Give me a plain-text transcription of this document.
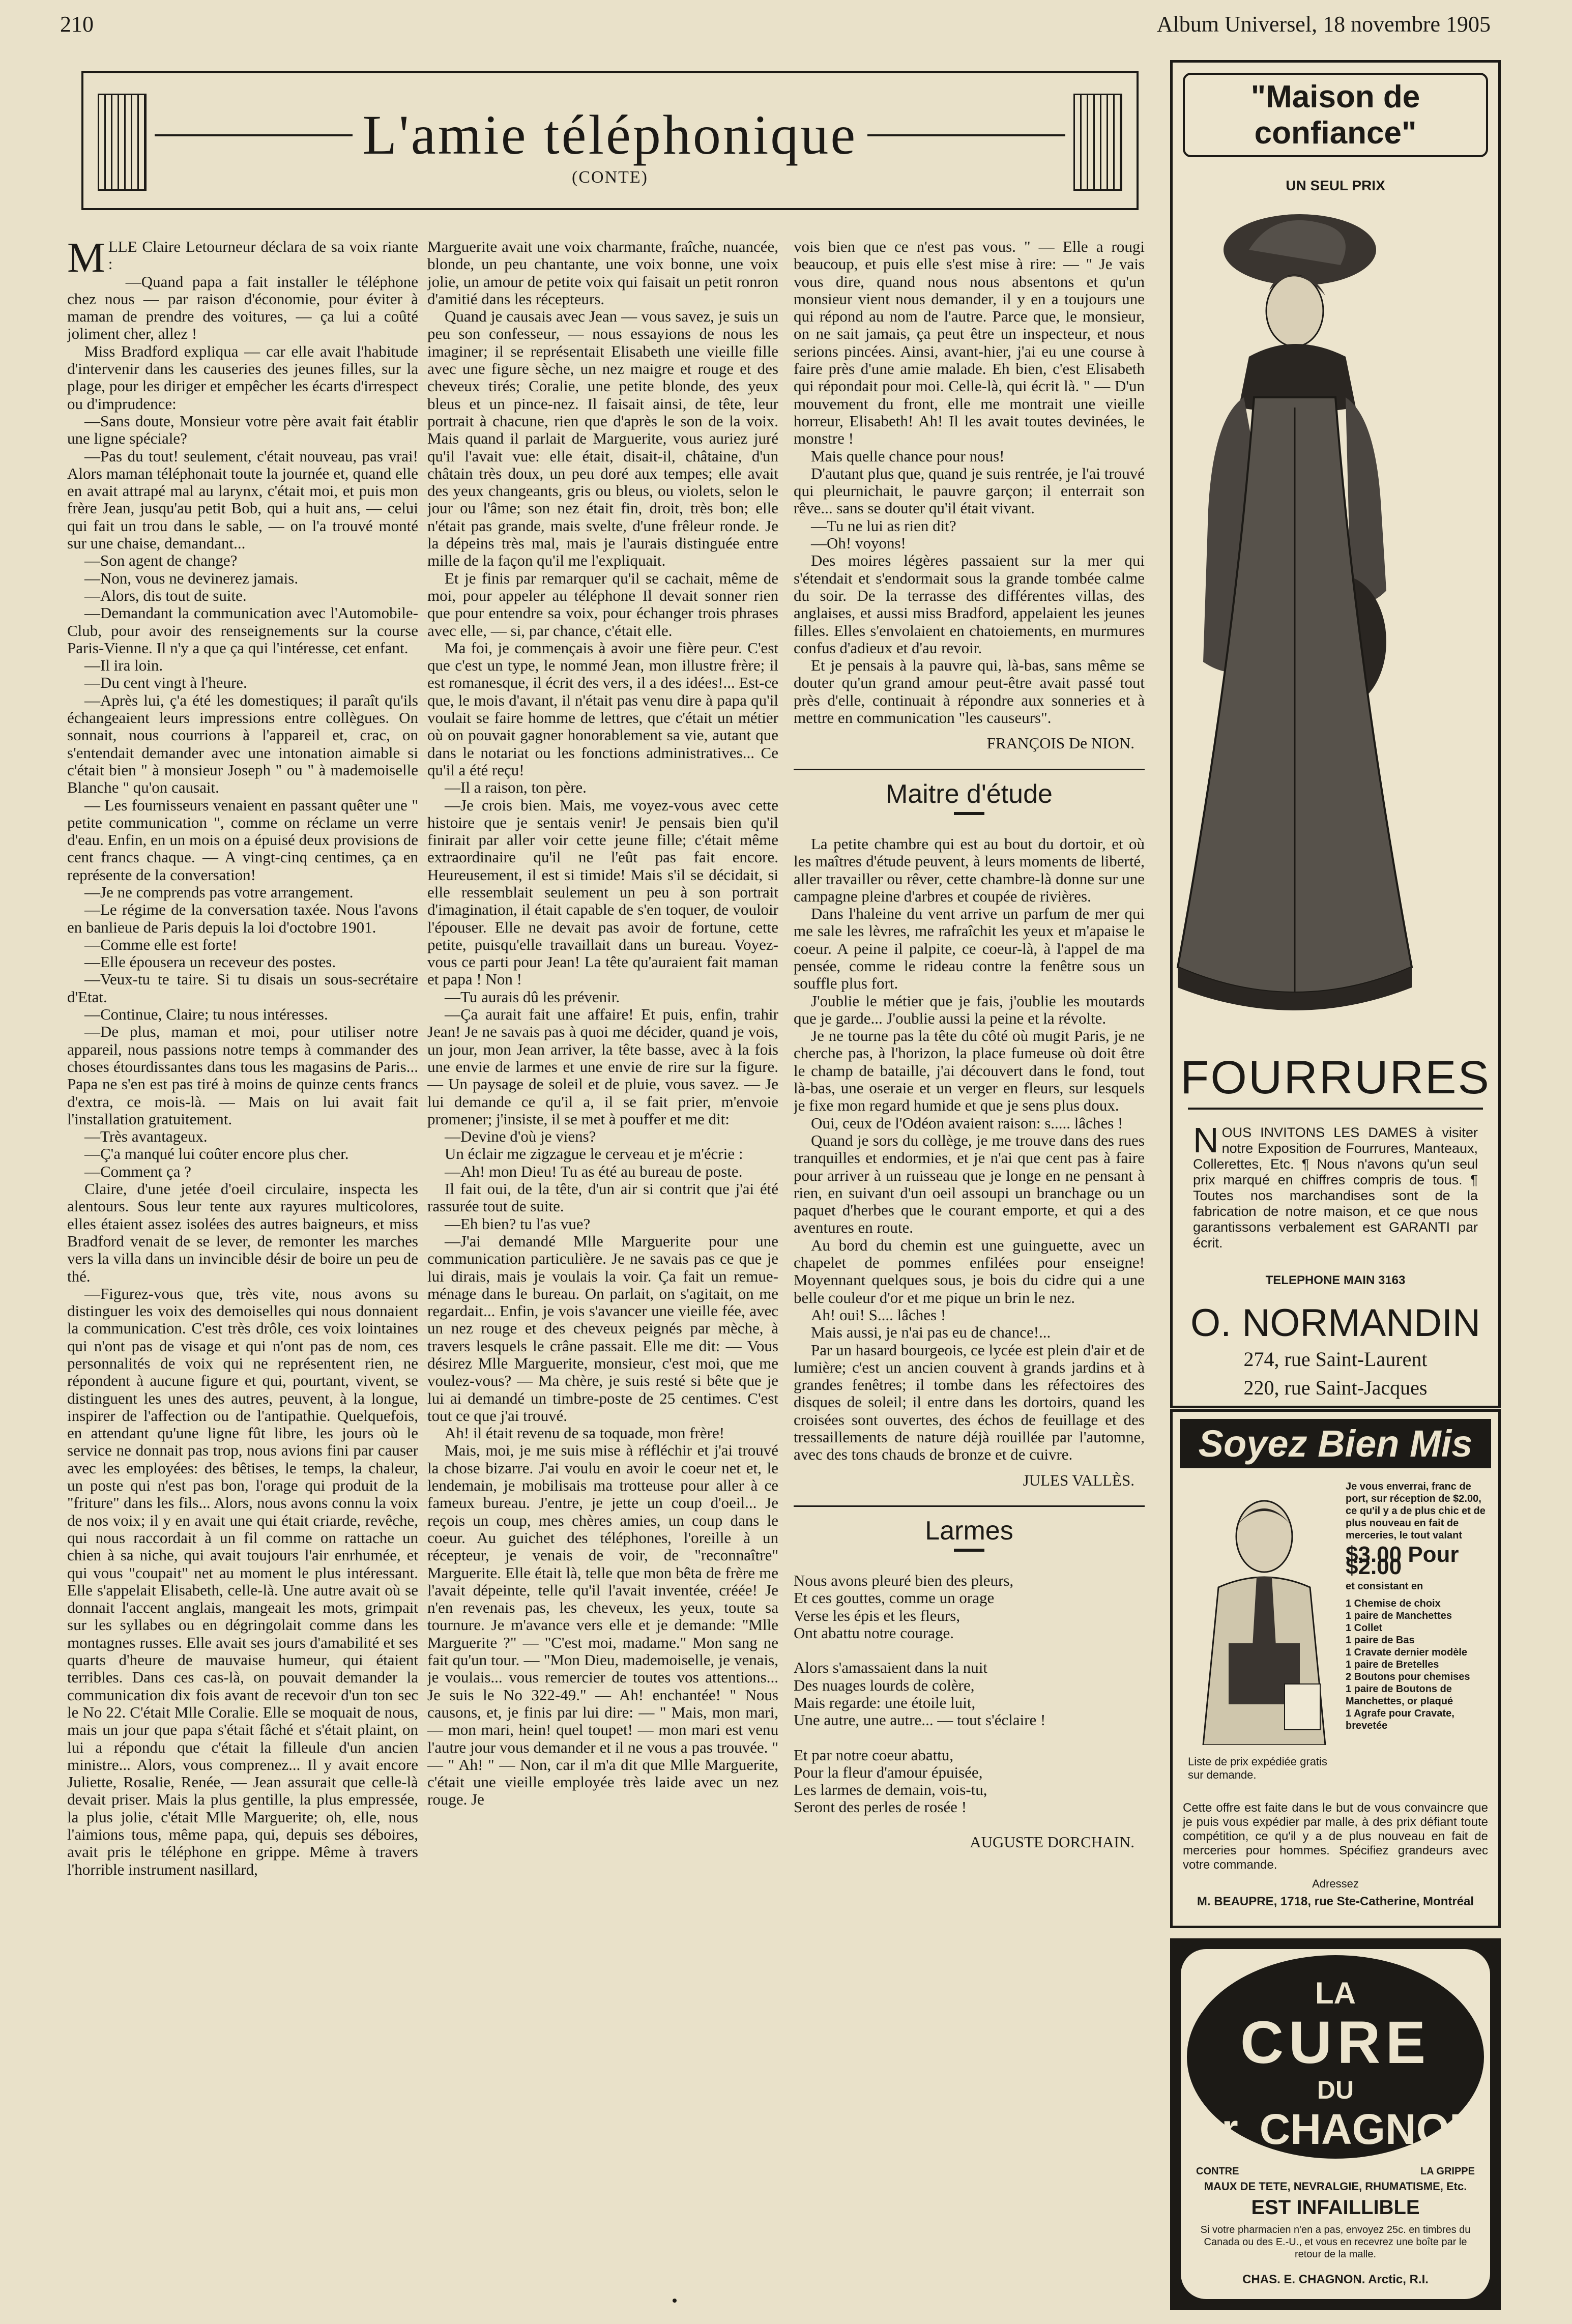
210	Album Universel, 18 novembre 1905
L'amie téléphonique
(CONTE)

MLLE Claire Letourneur déclara de sa voix riante :

—Quand papa a fait installer le téléphone chez nous — par raison d'économie, pour éviter à maman de prendre des voitures, — ça lui a coûté joliment cher, allez !

Miss Bradford expliqua — car elle avait l'habitude d'intervenir dans les causeries des jeunes filles, sur la plage, pour les diriger et empêcher les écarts d'irrespect ou d'imprudence:

—Sans doute, Monsieur votre père avait fait établir une ligne spéciale?

—Pas du tout! seulement, c'était nouveau, pas vrai! Alors maman téléphonait toute la journée et, quand elle en avait attrapé mal au larynx, c'était moi, et puis mon frère Jean, jusqu'au petit Bob, qui a huit ans, — celui qui fait un trou dans le sable, — on l'a trouvé monté sur une chaise, demandant...

—Son agent de change?

—Non, vous ne devinerez jamais.

—Alors, dis tout de suite.

—Demandant la communication avec l'Automobile-Club, pour avoir des renseignements sur la course Paris-Vienne. Il n'y a que ça qui l'intéresse, cet enfant.

—Il ira loin.

—Du cent vingt à l'heure.

—Après lui, ç'a été les domestiques; il paraît qu'ils échangeaient leurs impressions entre collègues. On sonnait, nous courrions à l'appareil et, crac, on s'entendait demander avec une intonation aimable si c'était bien " à monsieur Joseph " ou " à mademoiselle Blanche " qu'on causait.

— Les fournisseurs venaient en passant quêter une " petite communication ", comme on réclame un verre d'eau. Enfin, en un mois on a épuisé deux provisions de cent francs chaque. — A vingt-cinq centimes, ça en représente de la conversation!

—Je ne comprends pas votre arrangement.

—Le régime de la conversation taxée. Nous l'avons en banlieue de Paris depuis la loi d'octobre 1901.

—Comme elle est forte!

—Elle épousera un receveur des postes.

—Veux-tu te taire. Si tu disais un sous-secrétaire d'Etat.

—Continue, Claire; tu nous intéresses.

—De plus, maman et moi, pour utiliser notre appareil, nous passions notre temps à commander des choses étourdissantes dans tous les magasins de Paris... Papa ne s'en est pas tiré à moins de quinze cents francs d'extra, ce mois-là. — Mais on lui avait fait l'installation gratuitement.

—Très avantageux.

—Ç'a manqué lui coûter encore plus cher.

—Comment ça ?

Claire, d'une jetée d'oeil circulaire, inspecta les alentours. Sous leur tente aux rayures multicolores, elles étaient assez isolées des autres baigneurs, et miss Bradford venait de se lever, de remonter les marches vers la villa dans un invincible désir de boire un peu de thé.

—Figurez-vous que, très vite, nous avons su distinguer les voix des demoiselles qui nous donnaient la communication. C'est très drôle, ces voix lointaines qui n'ont pas de visage et qui n'ont pas de nom, ces personnalités de voix qui ne représentent rien, ne répondent à aucune figure et qui, pourtant, vivent, se distinguent les unes des autres, peuvent, à la longue, inspirer de l'affection ou de l'antipathie. Quelquefois, en attendant qu'une ligne fût libre, les jours où le service ne donnait pas trop, nous avions fini par causer avec les employées: des bêtises, le temps, la chaleur, un poste qui n'est pas bon, l'orage qui produit de la "friture" dans les fils... Alors, nous avons connu la voix de nos voix; il y en avait une qui était criarde, revêche, qui nous raccordait à un fil comme on rattache un chien à sa niche, qui avait toujours l'air enrhumée, et qui vous "coupait" net au moment le plus intéressant. Elle s'appelait Elisabeth, celle-là. Une autre avait où se donnait l'accent anglais, mangeait les mots, grimpait sur les syllabes ou en dégringolait comme dans les montagnes russes. Elle avait ses jours d'amabilité et ses quarts d'heure de mauvaise humeur, qui étaient terribles. Dans ces cas-là, on pouvait demander la communication dix fois avant de recevoir d'un ton sec le No 22. C'était Mlle Coralie. Elle se moquait de nous, mais un jour que papa s'était fâché et s'était plaint, on lui a répondu que c'était la filleule d'un ancien ministre... Alors, vous comprenez... Il y avait encore Juliette, Rosalie, Renée, — Jean assurait que celle-là devait priser. Mais la plus gentille, la plus empressée, la plus jolie, c'était Mlle Marguerite; oh, elle, nous l'aimions tous, même papa, qui, depuis ses déboires, avait pris le téléphone en grippe. Même à travers l'horrible instrument nasillard,

Marguerite avait une voix charmante, fraîche, nuancée, blonde, un peu chantante, une voix bonne, une voix jolie, un amour de petite voix qui faisait un petit ronron d'amitié dans les récepteurs.

Quand je causais avec Jean — vous savez, je suis un peu son confesseur, — nous essayions de nous les imaginer; il se représentait Elisabeth une vieille fille avec une figure sèche, un nez maigre et rouge et des cheveux tirés; Coralie, une petite blonde, des yeux bleus et un pince-nez. Il faisait ainsi, de tête, leur portrait à chacune, rien que d'après le son de la voix. Mais quand il parlait de Marguerite, vous auriez juré qu'il l'avait vue: elle était, disait-il, châtaine, d'un châtain très doux, un peu doré aux tempes; elle avait des yeux changeants, gris ou bleus, ou violets, selon le jour ou l'âme; son nez était fin, droit, très bon; elle n'était pas grande, mais svelte, d'une frêleur ronde. Je la dépeins très mal, mais je l'aurais distinguée entre mille de la façon qu'il me l'expliquait.

Et je finis par remarquer qu'il se cachait, même de moi, pour appeler au téléphone Il devait sonner rien que pour entendre sa voix, pour échanger trois phrases avec elle, — si, par chance, c'était elle.

Ma foi, je commençais à avoir une fière peur. C'est que c'est un type, le nommé Jean, mon illustre frère; il est romanesque, il écrit des vers, il a des idées!... Est-ce que, le mois d'avant, il n'était pas venu dire à papa qu'il voulait se faire homme de lettres, que c'était un métier où on pouvait gagner honorablement sa vie, autant que dans le notariat ou les fonctions administratives... Ce qu'il a été reçu!

—Il a raison, ton père.

—Je crois bien. Mais, me voyez-vous avec cette histoire que je sentais venir! Je pensais bien qu'il finirait par aller voir cette jeune fille; c'était même extraordinaire qu'il ne l'eût pas fait encore. Heureusement, il est si timide! Mais s'il se décidait, si elle ressemblait seulement un peu à son portrait d'imagination, il était capable de s'en toquer, de vouloir l'épouser. Elle ne devait pas avoir de fortune, cette petite, puisqu'elle travaillait dans un bureau. Voyez-vous ce parti pour Jean! La tête qu'auraient fait maman et papa ! Non !

—Tu aurais dû les prévenir.

—Ça aurait fait une affaire! Et puis, enfin, trahir Jean! Je ne savais pas à quoi me décider, quand je vois, un jour, mon Jean arriver, la tête basse, avec à la fois une envie de larmes et une envie de rire sur la figure. — Un paysage de soleil et de pluie, vous savez. — Je lui demande ce qu'il a, il se fait prier, m'envoie promener; j'insiste, il se met à pouffer et me dit:

—Devine d'où je viens?

Un éclair me zigzague le cerveau et je m'écrie :

—Ah! mon Dieu! Tu as été au bureau de poste.

Il fait oui, de la tête, d'un air si contrit que j'ai été rassurée tout de suite.

—Eh bien? tu l'as vue?

—J'ai demandé Mlle Marguerite pour une communication particulière. Je ne savais pas ce que je lui dirais, mais je voulais la voir. Ça fait un remue-ménage dans le bureau. On parlait, on s'agitait, on me regardait... Enfin, je vois s'avancer une vieille fée, avec un nez rouge et des cheveux peignés par mèche, à travers lesquels le crâne passait. Elle me dit: — Vous désirez Mlle Marguerite, monsieur, c'est moi, que me voulez-vous? — Ma chère, je suis resté si bête que je lui ai demandé un timbre-poste de 25 centimes. C'est tout ce que j'ai trouvé.

Ah! il était revenu de sa toquade, mon frère!

Mais, moi, je me suis mise à réfléchir et j'ai trouvé la chose bizarre. J'ai voulu en avoir le coeur net et, le lendemain, je mobilisais ma trotteuse pour aller à ce fameux bureau. J'entre, je jette un coup d'oeil... Je reçois un coup, mes chères amies, un coup dans le coeur. Au guichet des téléphones, l'oreille à un récepteur, je venais de voir, de "reconnaître" Marguerite. Elle était là, telle que mon bêta de frère me l'avait dépeinte, telle qu'il l'avait inventée, créée! Je n'en revenais pas, les cheveux, les yeux, toute sa tournure. Je m'avance vers elle et je demande: "Mlle Marguerite ?" — "C'est moi, madame." Mon sang ne fait qu'un tour. — "Mon Dieu, mademoiselle, je venais, je voulais... vous remercier de toutes vos attentions... Je suis le No 322-49." — Ah! enchantée! " Nous causons, et, je finis par lui dire: — " Mais, mon mari, — mon mari, hein! quel toupet! — mon mari est venu l'autre jour vous demander et il ne vous a pas trouvée. " — " Ah! " — Non, car il m'a dit que Mlle Marguerite, c'était une vieille employée très laide avec un nez rouge. Je

vois bien que ce n'est pas vous. " — Elle a rougi beaucoup, et puis elle s'est mise à rire: — " Je vais vous dire, quand nous nous absentons et qu'un monsieur vient nous demander, il y en a toujours une qui répond au nom de l'autre. Parce que, le monsieur, on ne sait jamais, ça peut être un inspecteur, et nous serions pincées. Ainsi, avant-hier, j'ai eu une course à faire près d'une amie malade. Eh bien, c'est Elisabeth qui répondait pour moi. Celle-là, qui écrit là. " — D'un mouvement du front, elle me montrait une vieille horreur, Elisabeth! Ah! Il les avait toutes devinées, le monstre !

Mais quelle chance pour nous!

D'autant plus que, quand je suis rentrée, je l'ai trouvé qui pleurnichait, le pauvre garçon; il enterrait son rêve... sans se douter qu'il était vivant.

—Tu ne lui as rien dit?

—Oh! voyons!

Des moires légères passaient sur la mer qui s'étendait et s'endormait sous la grande tombée calme du soir. De la terrasse des différentes villas, des anglaises, et aussi miss Bradford, appelaient les jeunes filles. Elles s'envolaient en chatoiements, en murmures confus d'adieux et d'au revoir.

Et je pensais à la pauvre qui, là-bas, sans même se douter qu'un grand amour peut-être avait passé tout près d'elle, continuait à répondre aux sonneries et à mettre en communication "les causeurs".

FRANÇOIS De NION.
Maitre d'étude

La petite chambre qui est au bout du dortoir, et où les maîtres d'étude peuvent, à leurs moments de liberté, aller travailler ou rêver, cette chambre-là donne sur une campagne pleine d'arbres et coupée de rivières.

Dans l'haleine du vent arrive un parfum de mer qui me sale les lèvres, me rafraîchit les yeux et m'apaise le coeur. A peine il palpite, ce coeur-là, à l'appel de ma pensée, comme le rideau contre la fenêtre sous un souffle plus fort.

J'oublie le métier que je fais, j'oublie les moutards que je garde... J'oublie aussi la peine et la révolte.

Je ne tourne pas la tête du côté où mugit Paris, je ne cherche pas, à l'horizon, la place fumeuse où doit être le champ de bataille, j'ai découvert dans le fond, tout là-bas, une oseraie et un verger en fleurs, sur lesquels je fixe mon regard humide et que je sens plus doux.

Oui, ceux de l'Odéon avaient raison: s..... lâches !

Quand je sors du collège, je me trouve dans des rues tranquilles et endormies, et je n'ai que cent pas à faire pour arriver à un ruisseau que je longe en ne pensant à rien, en suivant d'un oeil assoupi un branchage ou un paquet d'herbes que le courant emporte, et qui a des aventures en route.

Au bord du chemin est une guinguette, avec un chapelet de pommes enfilées pour enseigne! Moyennant quelques sous, je bois du cidre qui a une belle couleur d'or et me pique un brin le nez.

Ah! oui! S.... lâches !

Mais aussi, je n'ai pas eu de chance!...

Par un hasard bourgeois, ce lycée est plein d'air et de lumière; c'est un ancien couvent à grands jardins et à grandes fenêtres; il tombe dans les réfectoires des disques de soleil; il entre dans les dortoirs, quand les croisées sont ouvertes, des échos de feuillage et des tressaillements de nature déjà rouillée par l'automne, avec des tons chauds de bronze et de cuivre.

JULES VALLÈS.
Larmes
Nous avons pleuré bien des pleurs,
Et ces gouttes, comme un orage
Verse les épis et les fleurs,
Ont abattu notre courage.
Alors s'amassaient dans la nuit
Des nuages lourds de colère,
Mais regarde: une étoile luit,
Une autre, une autre... — tout s'éclaire !
Et par notre coeur abattu,
Pour la fleur d'amour épuisée,
Les larmes de demain, vois-tu,
Seront des perles de rosée !
AUGUSTE DORCHAIN.
"Maison de confiance"
UN SEUL PRIX
FOURRURES
NOUS INVITONS LES DAMES à visiter notre Exposition de Fourrures, Manteaux, Collerettes, Etc. ¶ Nous n'avons qu'un seul prix marqué en chiffres compris de tous. ¶ Toutes nos marchandises sont de la fabrication de notre maison, et ce que nous garantissons verbalement est GARANTI par écrit.
TELEPHONE MAIN 3163
O. NORMANDIN
274, rue Saint-Laurent
220, rue Saint-Jacques
Soyez Bien Mis
Liste de prix expédiée gratis sur demande.
Je vous enverrai, franc de port, sur réception de $2.00, ce qu'il y a de plus chic et de plus nouveau en fait de merceries, le tout valant
$3.00 Pour $2.00
et consistant en
1 Chemise de choix
1 paire de Manchettes
1 Collet
1 paire de Bas
1 Cravate dernier modèle
1 paire de Bretelles
2 Boutons pour chemises
1 paire de Boutons de Manchettes, or plaqué
1 Agrafe pour Cravate, brevetée
Cette offre est faite dans le but de vous convaincre que je puis vous expédier par malle, à des prix défiant toute compétition, ce qu'il y a de plus nouveau en fait de merceries pour hommes. Spécifiez grandeurs avec votre commande.
Adressez
M. BEAUPRE, 1718, rue Ste-Catherine, Montréal
LA
CURE
DU
Dr. CHAGNON
CONTRE	LA GRIPPE
MAUX DE TETE, NEVRALGIE, RHUMATISME, Etc.
EST INFAILLIBLE
Si votre pharmacien n'en a pas, envoyez 25c. en timbres du Canada ou des E.-U., et vous en recevrez une boîte par le retour de la malle.
CHAS. E. CHAGNON. Arctic, R.I.
